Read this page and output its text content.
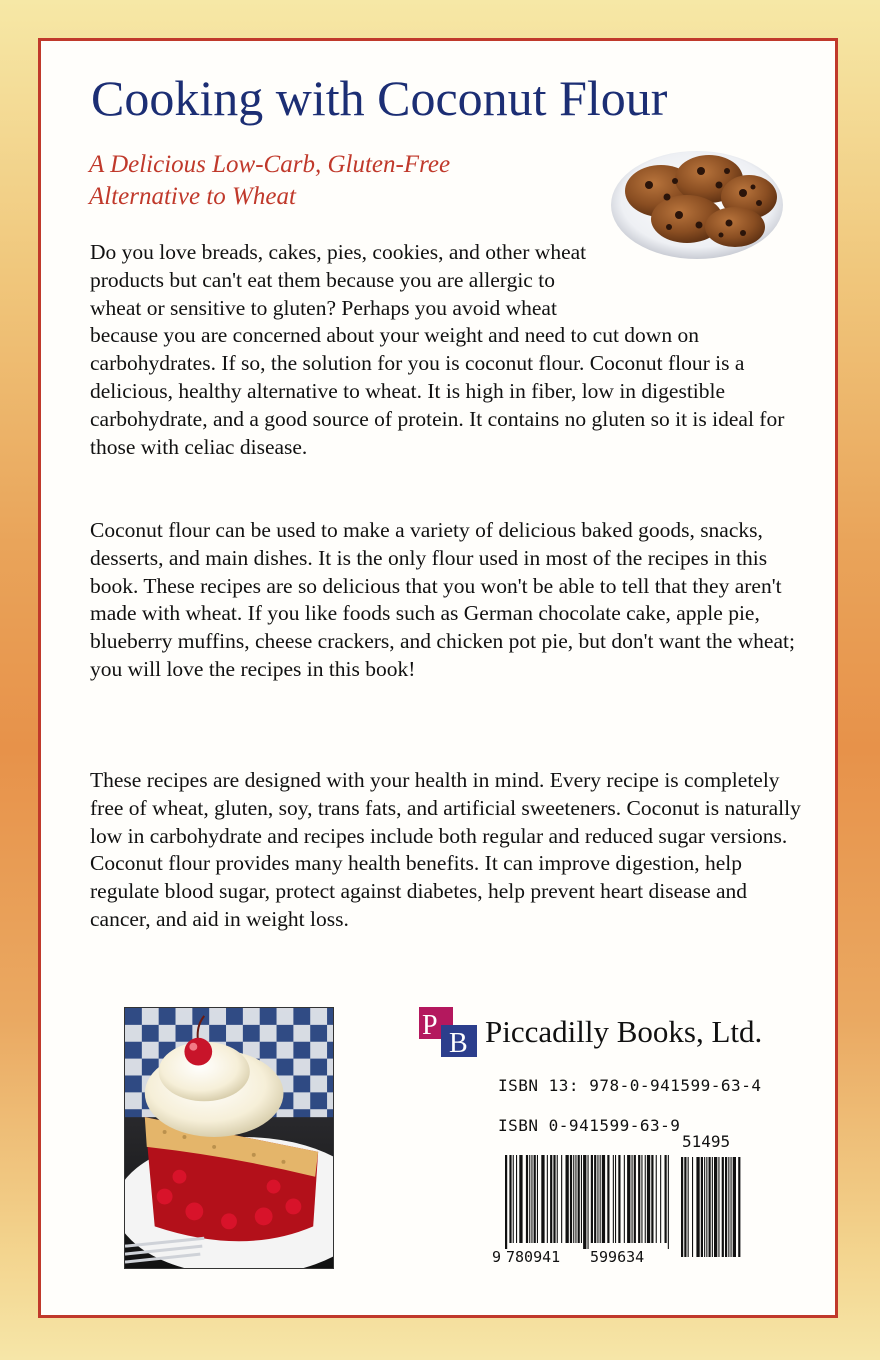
Cooking with Coconut Flour
A Delicious Low-Carb, Gluten-Free
Alternative to Wheat
Do you love breads, cakes, pies, cookies, and other wheat products but can't eat them because you are allergic to wheat or sensitive to gluten? Perhaps you avoid wheat because you are concerned about your weight and need to cut down on carbohydrates. If so, the solution for you is coconut flour. Coconut flour is a delicious, healthy alternative to wheat. It is high in fiber, low in digestible carbohydrate, and a good source of protein. It contains no gluten so it is ideal for those with celiac disease.

Coconut flour can be used to make a variety of delicious baked goods, snacks, desserts, and main dishes. It is the only flour used in most of the recipes in this book. These recipes are so delicious that you won't be able to tell that they aren't made with wheat. If you like foods such as German chocolate cake, apple pie, blueberry muffins, cheese crackers, and chicken pot pie, but don't want the wheat; you will love the recipes in this book!

These recipes are designed with your health in mind. Every recipe is completely free of wheat, gluten, soy, trans fats, and artificial sweeteners. Coconut is naturally low in carbohydrate and recipes include both regular and reduced sugar versions. Coconut flour provides many health benefits. It can improve digestion, help regulate blood sugar, protect against diabetes, help prevent heart disease and cancer, and aid in weight loss.

P
B Piccadilly Books, Ltd.
ISBN 13: 978-0-941599-63-4
ISBN 0-941599-63-9
51495
9 780941 599634
